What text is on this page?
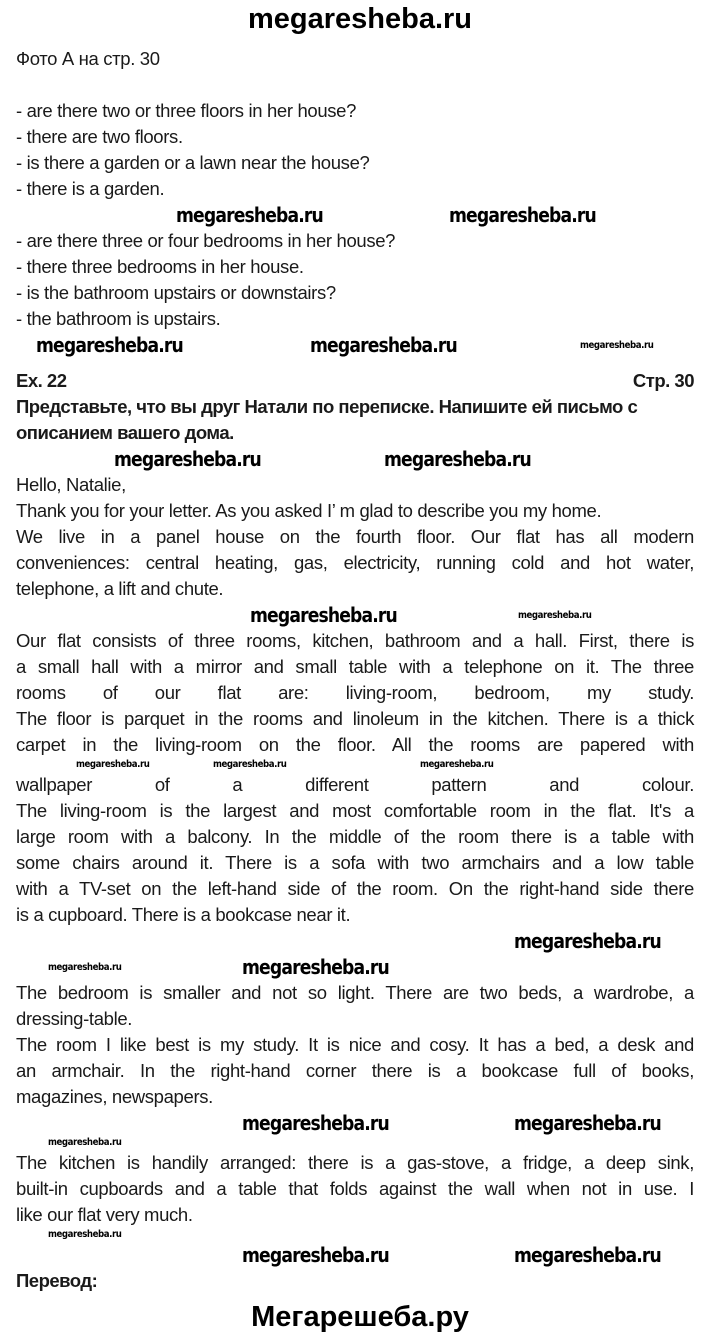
megaresheba.ru
Фото А на стр. 30
- are there two or three floors in her house?
- there are two floors.
- is there a garden or a lawn near the house?
- there is a garden.
megaresheba.ru	megaresheba.ru
- are there three or four bedrooms in her house?
- there three bedrooms in her house.
- is the bathroom upstairs or downstairs?
- the bathroom is upstairs.
megaresheba.ru	megaresheba.ru	megaresheba.ru
Ex. 22	Стр. 30
Представьте, что вы друг Натали по переписке. Напишите ей письмо с
описанием вашего дома.
megaresheba.ru	megaresheba.ru
Hello, Natalie,
Thank you for your letter. As you asked I’ m glad to describe you my home.
We live in a panel house on the fourth floor. Our flat has all modern
conveniences: central heating, gas, electricity, running cold and hot water,
telephone, a lift and chute.
megaresheba.ru	megaresheba.ru
Our flat consists of three rooms, kitchen, bathroom and a hall. First, there is
a small hall with a mirror and small table with a telephone on it. The three
rooms of our flat are: living-room, bedroom, my study.
The floor is parquet in the rooms and linoleum in the kitchen. There is a thick
carpet in the living-room on the floor. All the rooms are papered with
megaresheba.ru	megaresheba.ru	megaresheba.ru
wallpaper of a different pattern and colour.
The living-room is the largest and most comfortable room in the flat. It's a
large room with a balcony. In the middle of the room there is a table with
some chairs around it. There is a sofa with two armchairs and a low table
with a TV-set on the left-hand side of the room. On the right-hand side there
is a cupboard. There is a bookcase near it.
megaresheba.ru
megaresheba.ru	megaresheba.ru
The bedroom is smaller and not so light. There are two beds, a wardrobe, a
dressing-table.
The room I like best is my study. It is nice and cosy. It has a bed, a desk and
an armchair. In the right-hand corner there is a bookcase full of books,
magazines, newspapers.
megaresheba.ru	megaresheba.ru
megaresheba.ru
The kitchen is handily arranged: there is a gas-stove, a fridge, a deep sink,
built-in cupboards and a table that folds against the wall when not in use. I
like our flat very much.
megaresheba.ru
megaresheba.ru	megaresheba.ru
Перевод:
Мегарешеба.ру
